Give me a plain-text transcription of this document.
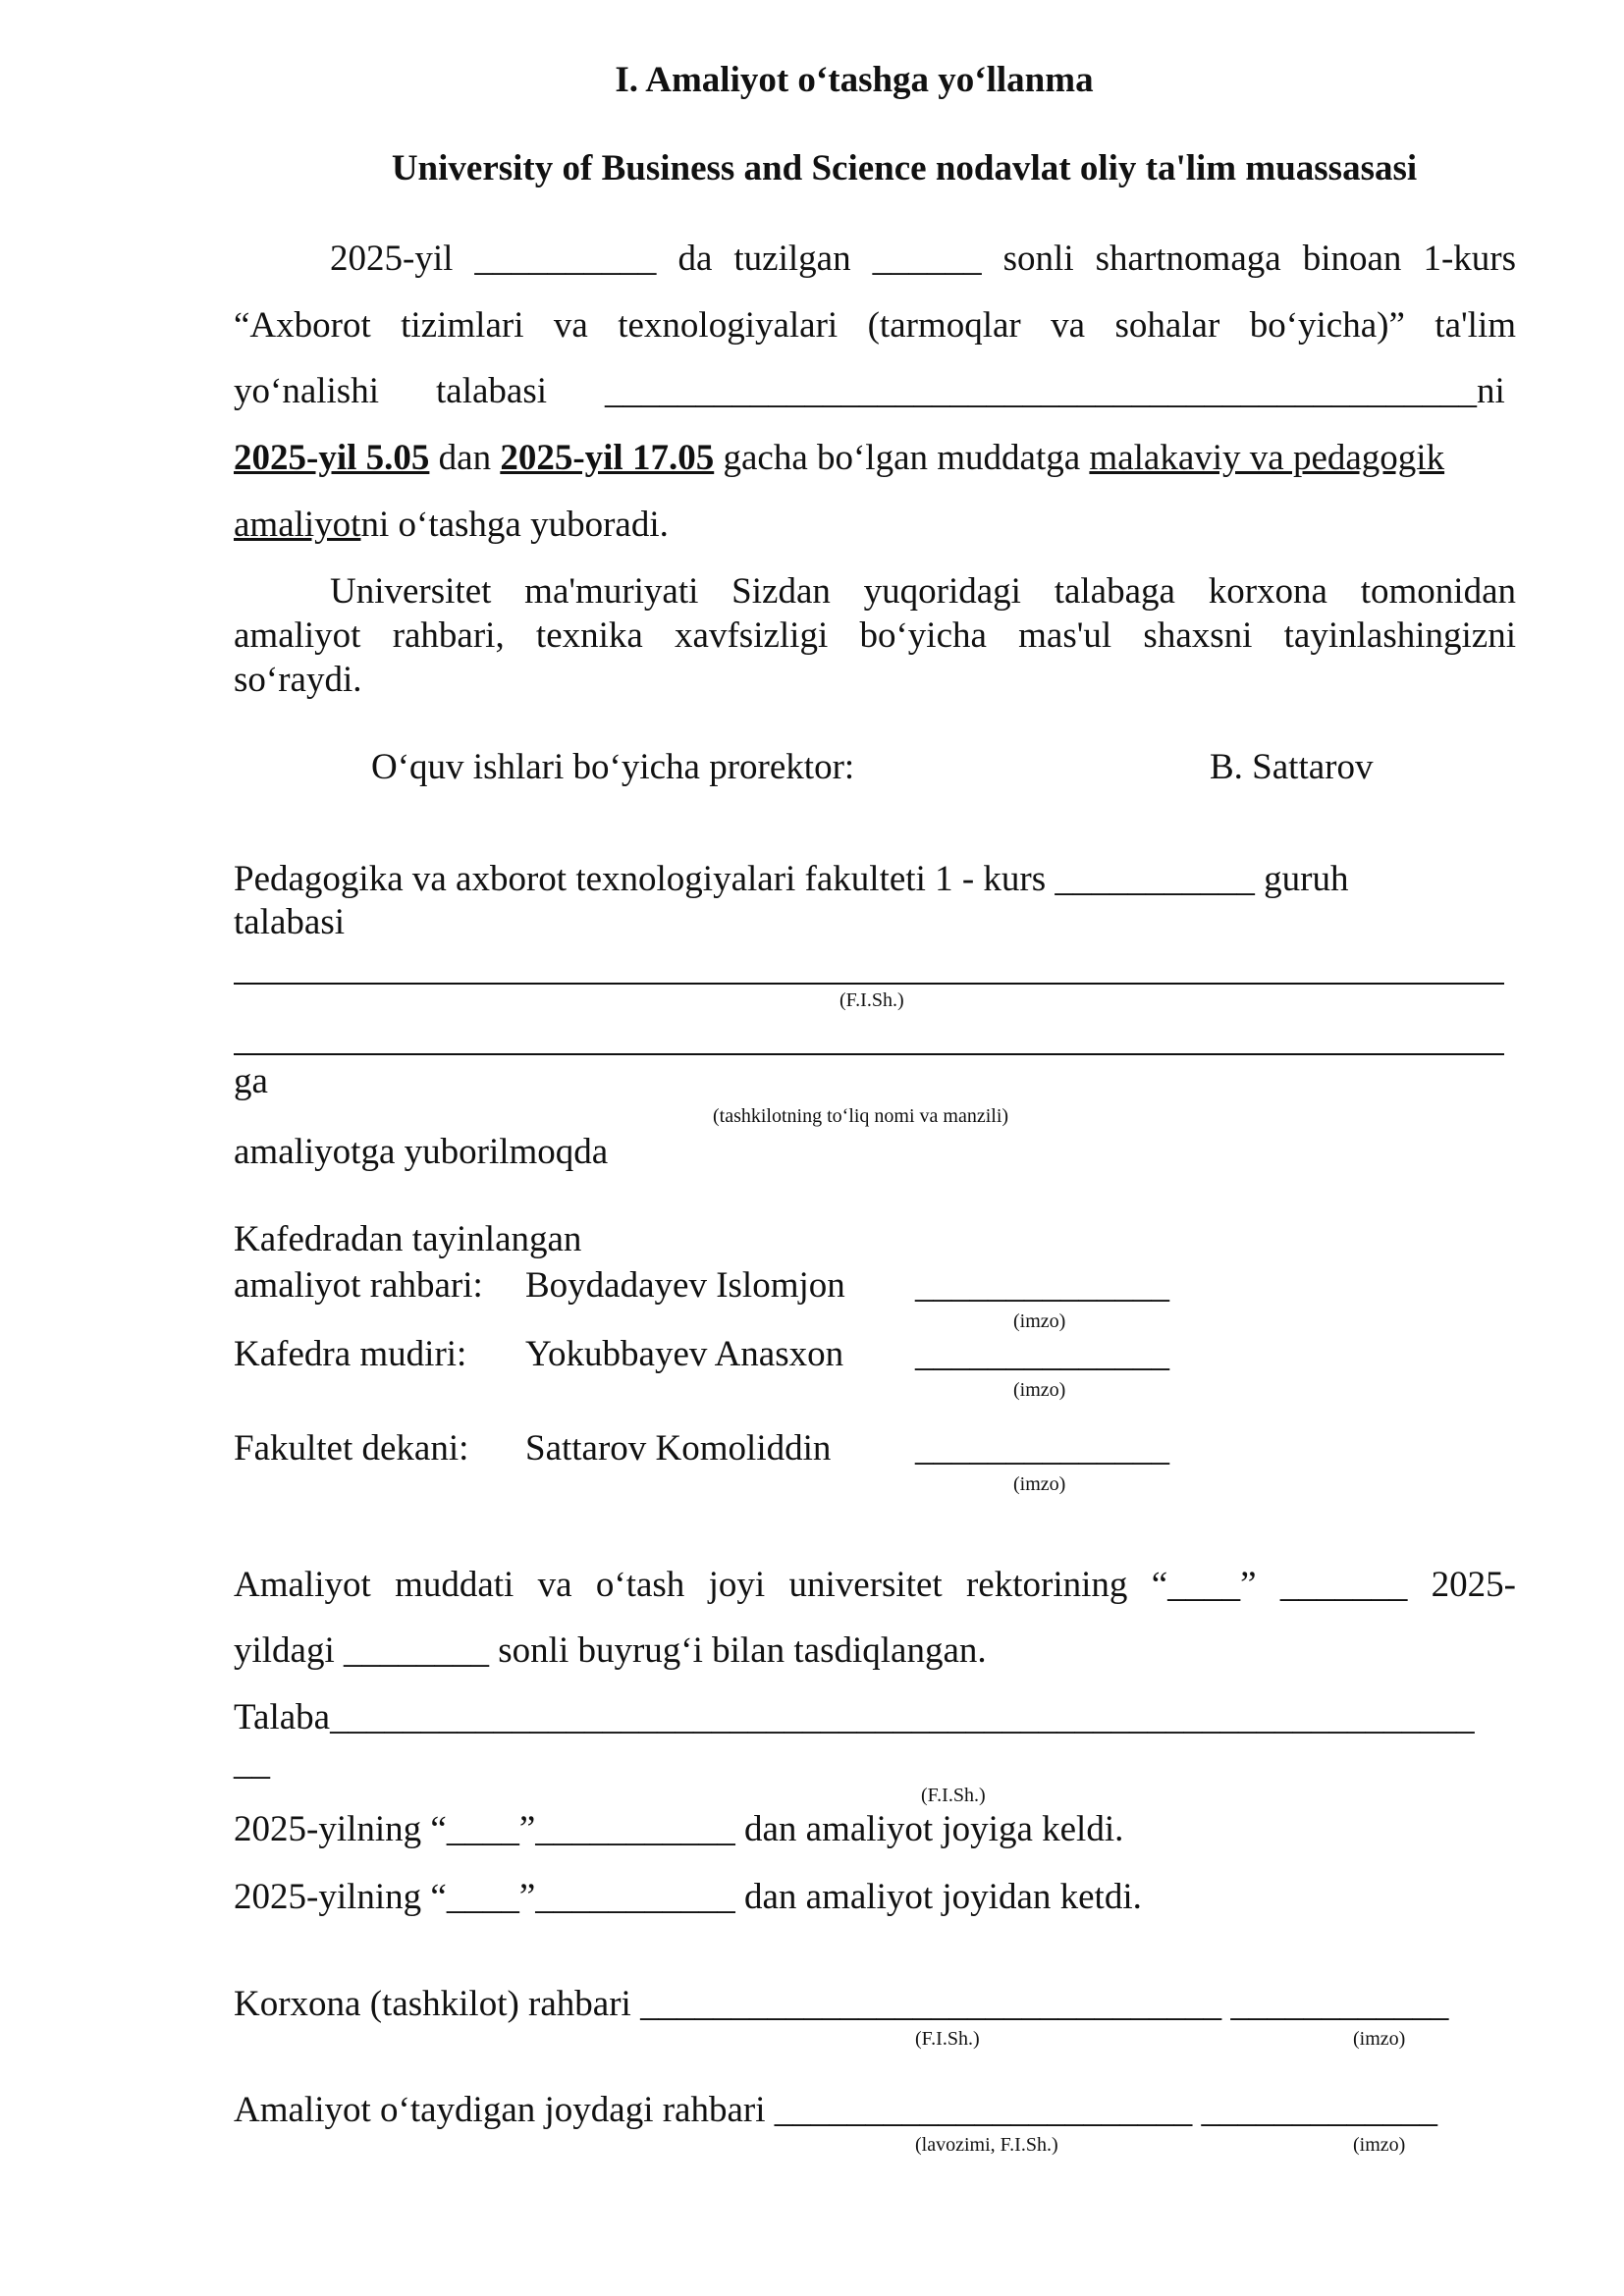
I. Amaliyot o‘tashga yo‘llanma
University of Business and Science nodavlat oliy ta'lim muassasasi
2025-yil __________ da tuzilgan ______ sonli shartnomaga binoan 1-kurs
“Axborot tizimlari va texnologiyalari (tarmoqlar va sohalar bo‘yicha)” ta'lim
yo‘nalishi talabasi ________________________________________________ni
2025-yil 5.05 dan 2025-yil 17.05 gacha bo‘lgan muddatga malakaviy va pedagogik
amaliyotni o‘tashga yuboradi.
Universitet ma'muriyati Sizdan yuqoridagi talabaga korxona tomonidan
amaliyot rahbari, texnika xavfsizligi bo‘yicha mas'ul shaxsni tayinlashingizni
so‘raydi.
O‘quv ishlari bo‘yicha prorektor:	B. Sattarov
Pedagogika va axborot texnologiyalari fakulteti 1 - kurs ___________ guruh
talabasi
(F.I.Sh.)
ga
(tashkilotning to‘liq nomi va manzili)
amaliyotga yuborilmoqda
Kafedradan tayinlangan
amaliyot rahbari: Boydadayev Islomjon ______________
(imzo)
Kafedra mudiri: Yokubbayev Anasxon ______________
(imzo)
Fakultet dekani: Sattarov Komoliddin ______________
(imzo)
Amaliyot muddati va o‘tash joyi universitet rektorining “____” _______ 2025-
yildagi ________ sonli buyrug‘i bilan tasdiqlangan.
Talaba_______________________________________________________________
__
(F.I.Sh.)
2025-yilning “____”___________ dan amaliyot joyiga keldi.
2025-yilning “____”___________ dan amaliyot joyidan ketdi.
Korxona (tashkilot) rahbari ________________________________ ____________
(F.I.Sh.)	(imzo)
Amaliyot o‘taydigan joydagi rahbari _______________________ _____________
(lavozimi, F.I.Sh.)	(imzo)
